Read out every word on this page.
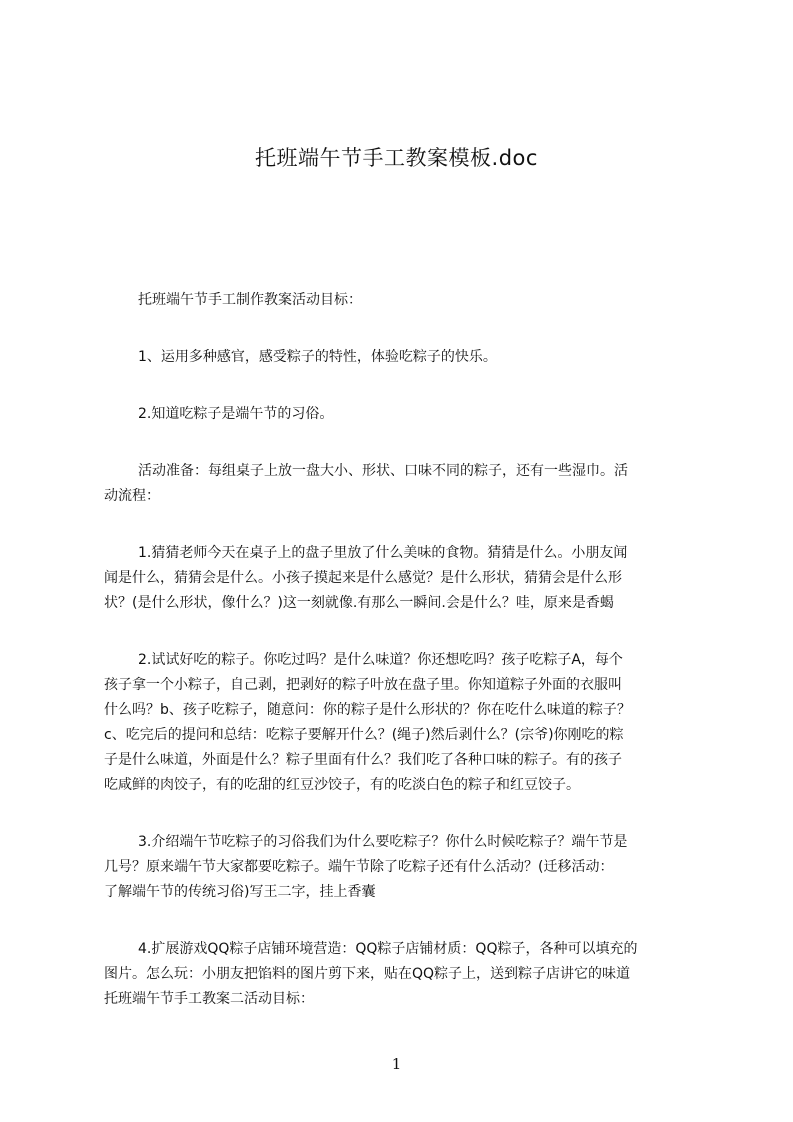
托班端午节手工教案模板.doc

托班端午节手工制作教案活动目标：

1、运用多种感官，感受粽子的特性，体验吃粽子的快乐。

2.知道吃粽子是端午节的习俗。

活动准备：每组桌子上放一盘大小、形状、口味不同的粽子，还有一些湿巾。活
动流程：

1.猜猜老师今天在桌子上的盘子里放了什么美味的食物。猜猜是什么。小朋友闻
闻是什么，猜猜会是什么。小孩子摸起来是什么感觉？是什么形状，猜猜会是什么形
状？(是什么形状，像什么？)这一刻就像.有那么一瞬间.会是什么？哇，原来是香蝎

2.试试好吃的粽子。你吃过吗？是什么味道？你还想吃吗？孩子吃粽子A，每个
孩子拿一个小粽子，自己剥，把剥好的粽子叶放在盘子里。你知道粽子外面的衣服叫
什么吗？b、孩子吃粽子，随意问：你的粽子是什么形状的？你在吃什么味道的粽子？
c、吃完后的提问和总结：吃粽子要解开什么？(绳子)然后剥什么？(宗爷)你刚吃的粽
子是什么味道，外面是什么？粽子里面有什么？我们吃了各种口味的粽子。有的孩子
吃咸鲜的肉饺子，有的吃甜的红豆沙饺子，有的吃淡白色的粽子和红豆饺子。

3.介绍端午节吃粽子的习俗我们为什么要吃粽子？你什么时候吃粽子？端午节是
几号？原来端午节大家都要吃粽子。端午节除了吃粽子还有什么活动？(迁移活动：
了解端午节的传统习俗)写王二字，挂上香囊

4.扩展游戏QQ粽子店铺环境营造：QQ粽子店铺材质：QQ粽子，各种可以填充的
图片。怎么玩：小朋友把馅料的图片剪下来，贴在QQ粽子上，送到粽子店讲它的味道
托班端午节手工教案二活动目标：

1
